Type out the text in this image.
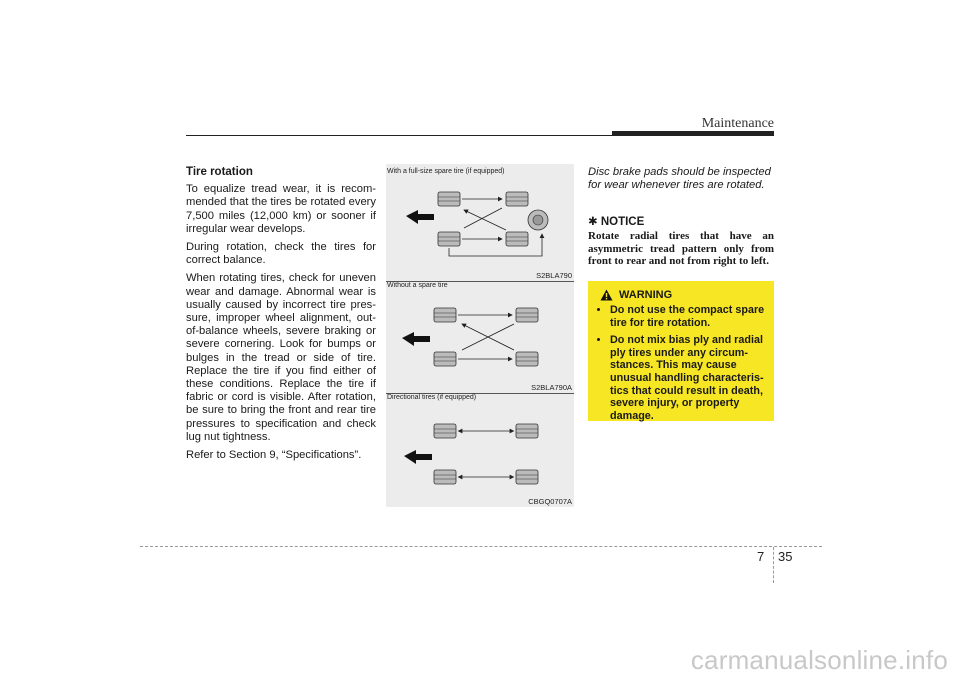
Maintenance
Tire rotation

To equalize tread wear, it is recom-mended that the tires be rotated every 7,500 miles (12,000 km) or sooner if irregular wear develops.

During rotation, check the tires for correct balance.

When rotating tires, check for uneven wear and damage. Abnormal wear is usually caused by incorrect tire pres-sure, improper wheel alignment, out-of-balance wheels, severe braking or severe cornering. Look for bumps or bulges in the tread or side of tire. Replace the tire if you find either of these conditions. Replace the tire if fabric or cord is visible. After rotation, be sure to bring the front and rear tire pressures to specification and check lug nut tightness.

Refer to Section 9, “Specifications”.

With a full-size spare tire (if equipped)
S2BLA790
Without a spare tire
S2BLA790A
Directional tires (if equipped)
CBGQ0707A

Disc brake pads should be inspected for wear whenever tires are rotated.

✱ NOTICE

Rotate radial tires that have an asymmetric tread pattern only from front to rear and not from right to left.

WARNING
• Do not use the compact spare tire for tire rotation.
• Do not mix bias ply and radial ply tires under any circum-stances. This may cause unusual handling characteris-tics that could result in death, severe injury, or property damage.
7 35
carmanualsonline.info
